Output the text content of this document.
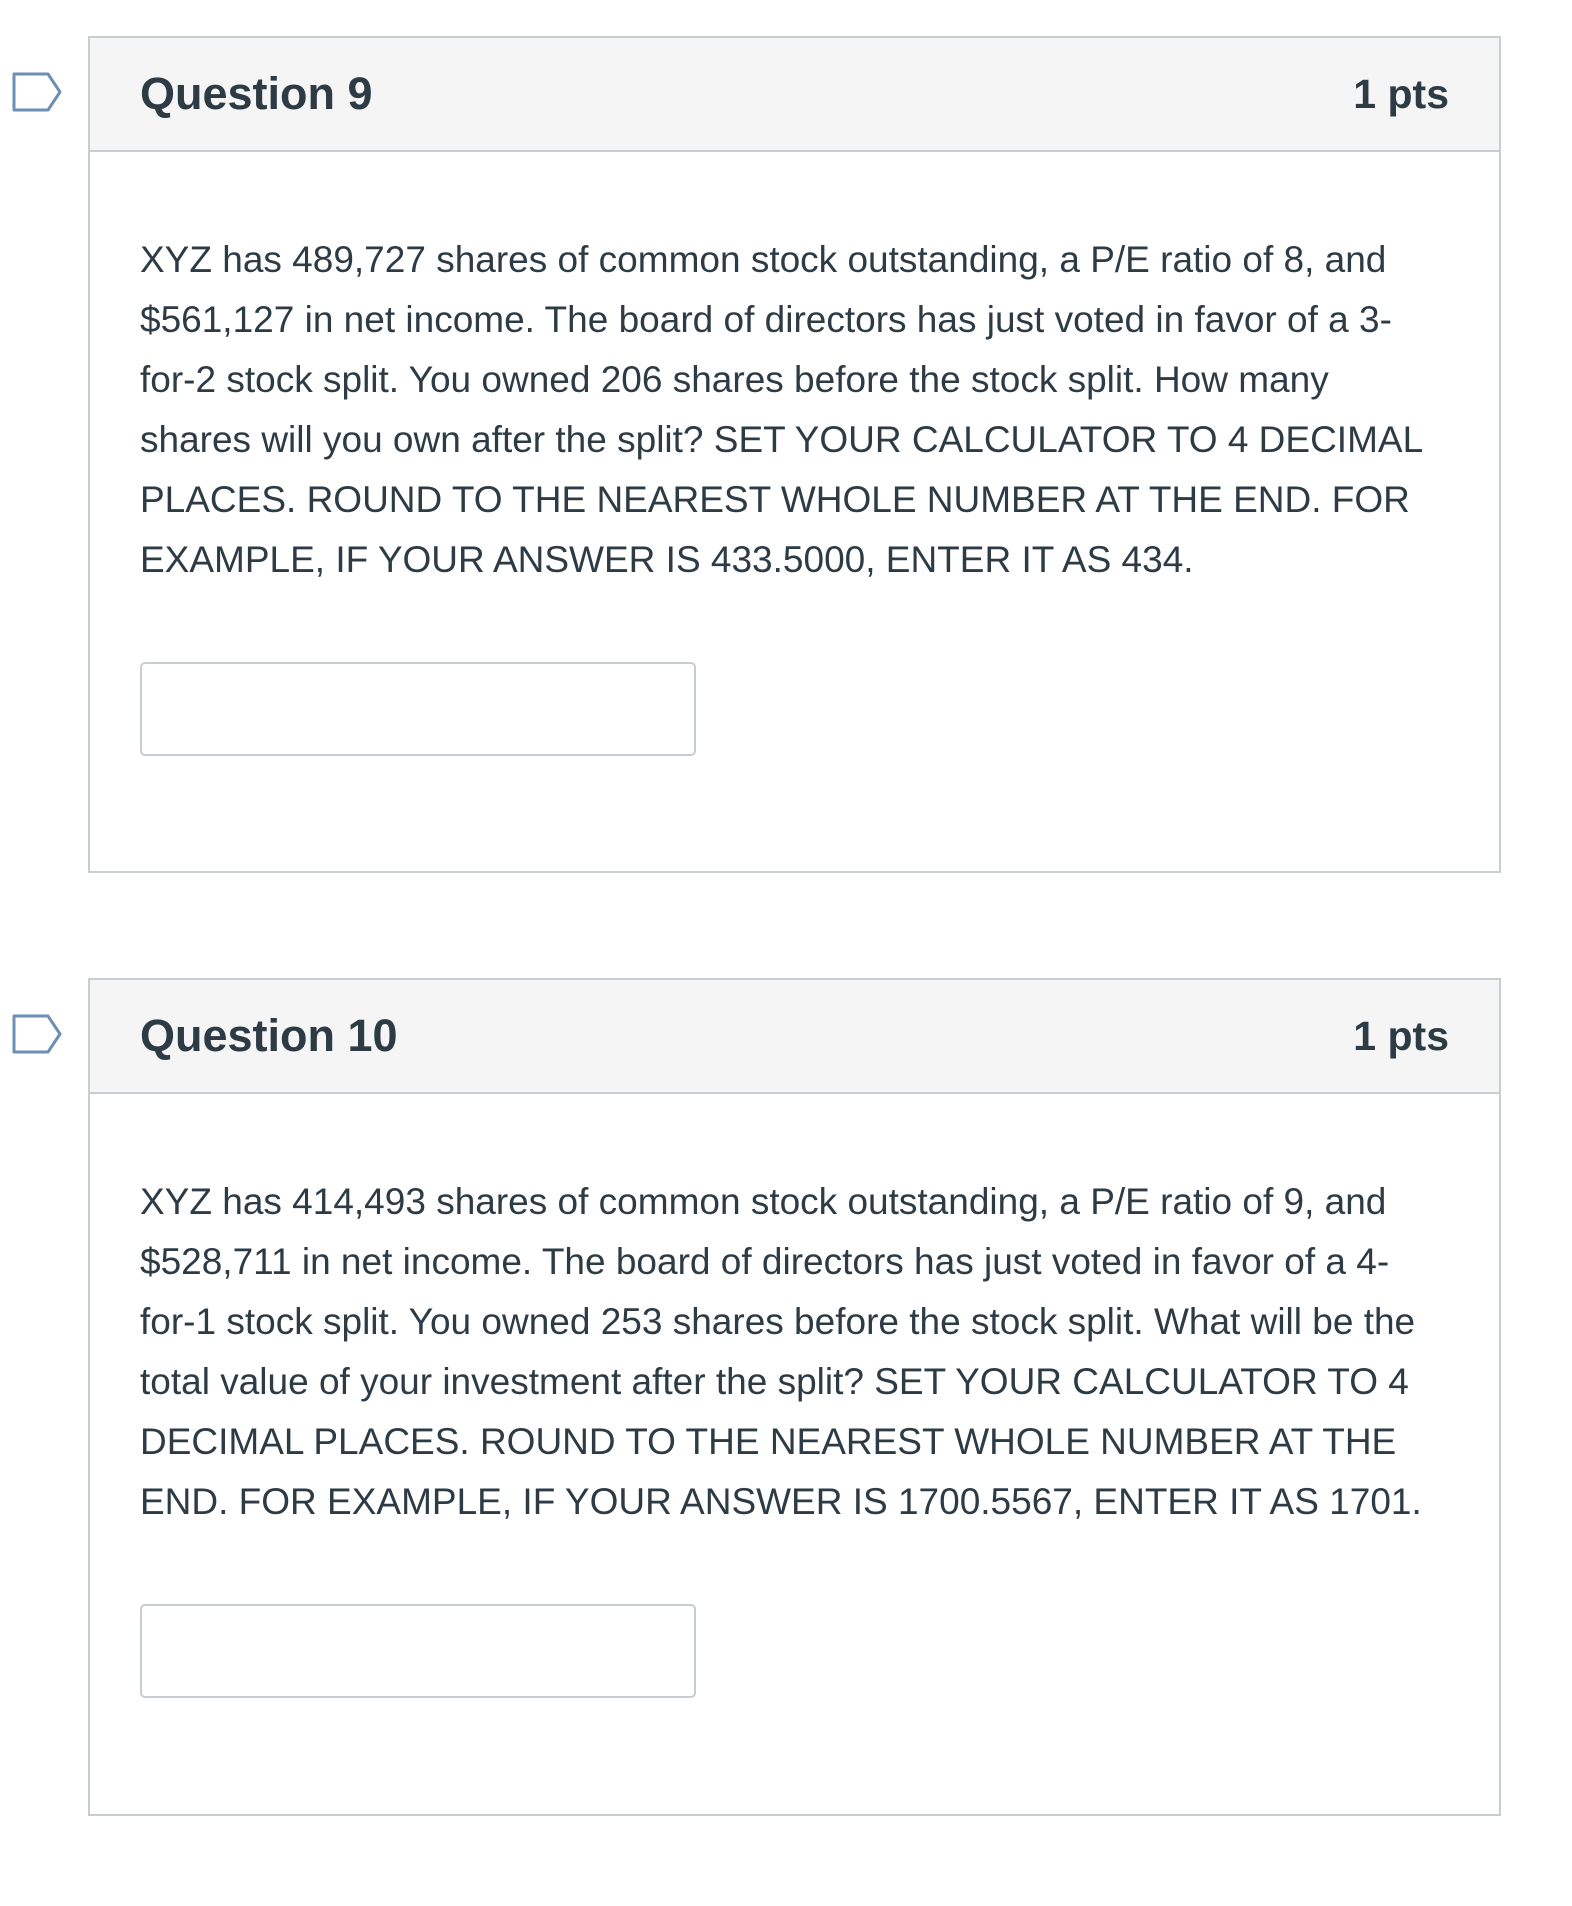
Question 9	1 pts

XYZ has 489,727 shares of common stock outstanding, a P/E ratio of 8, and $561,127 in net income. The board of directors has just voted in favor of a 3-for-2 stock split. You owned 206 shares before the stock split. How many shares will you own after the split? SET YOUR CALCULATOR TO 4 DECIMAL PLACES. ROUND TO THE NEAREST WHOLE NUMBER AT THE END. FOR EXAMPLE, IF YOUR ANSWER IS 433.5000, ENTER IT AS 434.

Question 10	1 pts

XYZ has 414,493 shares of common stock outstanding, a P/E ratio of 9, and $528,711 in net income. The board of directors has just voted in favor of a 4-for-1 stock split. You owned 253 shares before the stock split. What will be the total value of your investment after the split? SET YOUR CALCULATOR TO 4 DECIMAL PLACES. ROUND TO THE NEAREST WHOLE NUMBER AT THE END. FOR EXAMPLE, IF YOUR ANSWER IS 1700.5567, ENTER IT AS 1701.
